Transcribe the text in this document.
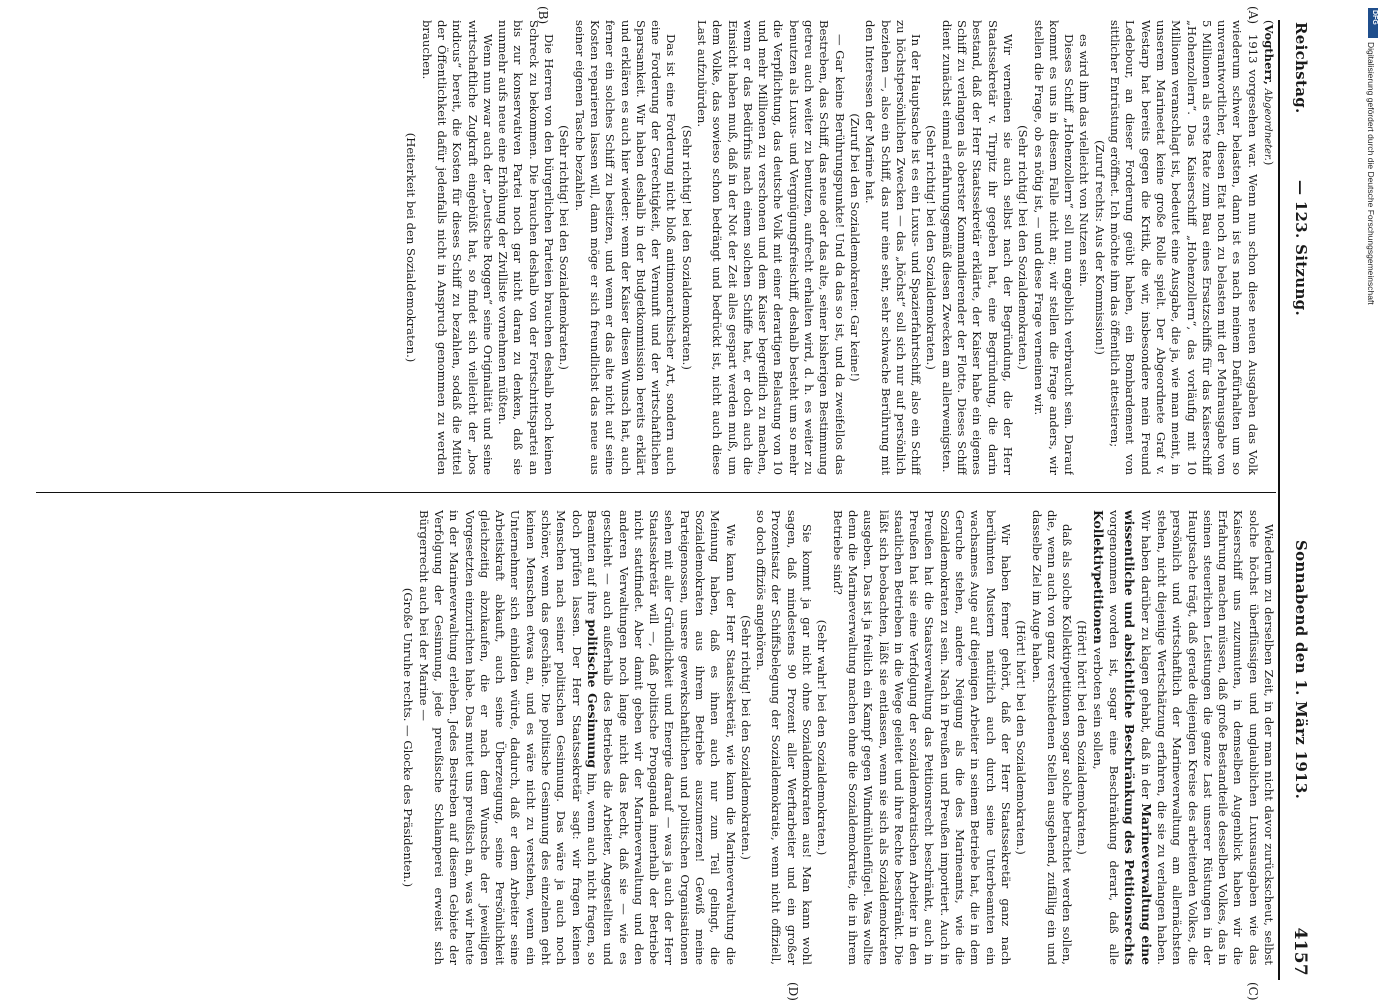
Reichstag.
— 123. Sitzung.
Sonnabend den 1. März 1913.
4157
(A)
(B)
(C)
(D)

(Vogtherr, Abgeordneter.)

1913 vorgesehen war. Wenn nun schon diese neuen Ausgaben das Volk wiederum schwer belasten, dann ist es nach meinem Dafürhalten um so unverantwortlicher, diesen Etat noch zu belasten mit der Mehrausgabe von 5 Millionen als erste Rate zum Bau eines Ersatzschiffs für das Kaiserschiff „Hohenzollern“. Das Kaiserschiff „Hohenzollern“, das vorläufig mit 10 Millionen veranschlagt ist, bedeutet eine Ausgabe, die ja, wie man meint, in unserem Marineetat keine große Rolle spielt. Der Abgeordnete Graf v. Westarp hat bereits gegen die Kritik, die wir, insbesondere mein Freund Ledebour, an dieser Forderung geübt haben, ein Bombardement von sittlicher Entrüstung eröffnet. Ich möchte ihm das öffentlich attestieren;

(Zuruf rechts: Aus der Kommission!)

es wird ihm das vielleicht von Nutzen sein.

Dieses Schiff „Hohenzollern“ soll nun angeblich verbraucht sein. Darauf kommt es uns in diesem Falle nicht an; wir stellen die Frage anders, wir stellen die Frage, ob es nötig ist, — und diese Frage verneinen wir.

(Sehr richtig! bei den Sozialdemokraten.)

Wir verneinen sie auch selbst nach der Begründung, die der Herr Staatssekretär v. Tirpitz ihr gegeben hat, eine Begründung, die darin bestand, daß der Herr Staatssekretär erklärte, der Kaiser habe ein eigenes Schiff zu verlangen als oberster Kommandierender der Flotte. Dieses Schiff dient zunächst einmal erfahrungsgemäß diesen Zwecken am allerwenigsten.

(Sehr richtig! bei den Sozialdemokraten.)

In der Hauptsache ist es ein Luxus- und Spazierfahrtschiff, also ein Schiff zu höchstpersönlichen Zwecken — das „höchst“ soll sich nur auf persönlich beziehen —, also ein Schiff, das nur eine sehr, sehr schwache Berührung mit den Interessen der Marine hat.

(Zuruf bei den Sozialdemokraten: Gar keine!)

— Gar keine Berührungspunkte! Und da das so ist, und da zweifellos das Bestreben, das Schiff, das neue oder das alte, seiner bisherigen Bestimmung getreu auch weiter zu benutzen, aufrecht erhalten wird, d. h. es weiter zu benutzen als Luxus- und Vergnügungsfreischiff, deshalb besteht um so mehr die Verpflichtung, das deutsche Volk mit einer derartigen Belastung von 10 und mehr Millionen zu verschonen und dem Kaiser begreiflich zu machen, wenn er das Bedürfnis nach einem solchen Schiffe hat, er doch auch die Einsicht haben muß, daß in der Not der Zeit alles gespart werden muß, um dem Volke, das sowieso schon bedrängt und bedrückt ist, nicht auch diese Last aufzubürden.

(Sehr richtig! bei den Sozialdemokraten.)

Das ist eine Forderung nicht bloß antimonarchischer Art, sondern auch eine Forderung der Gerechtigkeit, der Vernunft und der wirtschaftlichen Sparsamkeit. Wir haben deshalb in der Budgetkommission bereits erklärt und erklären es auch hier wieder: wenn der Kaiser diesen Wunsch hat, auch ferner ein solches Schiff zu besitzen, und wenn er das alte nicht auf seine Kosten reparieren lassen will, dann möge er sich freundlichst das neue aus seiner eigenen Tasche bezahlen.

(Sehr richtig! bei den Sozialdemokraten.)

Die Herren von den bürgerlichen Parteien brauchen deshalb noch keinen Schreck zu bekommen. Die brauchen deshalb von der Fortschrittspartei an bis zur konservativen Partei noch gar nicht daran zu denken, daß sie nunmehr aufs neue eine Erhöhung der Zivilliste vornehmen müßten.

Wenn nun zwar auch der „Deutsche Roggen“ seine Originalität und seine wirtschaftliche Zugkraft eingebüßt hat, so findet sich vielleicht der „bos indicus“ bereit, die Kosten für dieses Schiff zu bezahlen, sodaß die Mittel der Öffentlichkeit dafür jedenfalls nicht in Anspruch genommen zu werden brauchen.

(Heiterkeit bei den Sozialdemokraten.)

Wiederum zu derselben Zeit, in der man nicht davor zurückscheut, selbst solche höchst überflüssigen und unglaublichen Luxusausgaben wie das Kaiserschiff uns zuzumuten, in demselben Augenblick haben wir die Erfahrung machen müssen, daß große Bestandteile desselben Volkes, das in seinen steuerlichen Leistungen die ganze Last unserer Rüstungen in der Hauptsache trägt, daß gerade diejenigen Kreise des arbeitenden Volkes, die persönlich und wirtschaftlich der Marineverwaltung am allernächsten stehen, nicht diejenige Wertschätzung erfahren, die sie zu verlangen haben. Wir haben darüber zu klagen gehabt, daß in der Marineverwaltung eine wissentliche und absichtliche Beschränkung des Petitionsrechts vorgenommen worden ist, sogar eine Beschränkung derart, daß alle Kollektivpetitionen verboten sein sollen,

(Hört! hört! bei den Sozialdemokraten.)

daß als solche Kollektivpetitionen sogar solche betrachtet werden sollen, die, wenn auch von ganz verschiedenen Stellen ausgehend, zufällig ein und dasselbe Ziel im Auge haben.

(Hört! hört! bei den Sozialdemokraten.)

Wir haben ferner gehört, daß der Herr Staatssekretär ganz nach berühmten Mustern natürlich auch durch seine Unterbeamten ein wachsames Auge auf diejenigen Arbeiter in seinem Betriebe hat, die in dem Geruche stehen, andere Neigung als die des Marineamts, wie die Sozialdemokraten zu sein. Nach in Preußen und Preußen importiert. Auch in Preußen hat die Staatsverwaltung das Petitionsrecht beschränkt, auch in Preußen hat sie eine Verfolgung der sozialdemokratischen Arbeiter in den staatlichen Betrieben in die Wege geleitet und ihre Rechte beschränkt. Die läßt sich beobachten, läßt sie entlassen, wenn sie sich als Sozialdemokraten ausgeben. Das ist ja freilich ein Kampf gegen Windmühlenflügel. Was wollte denn die Marineverwaltung machen ohne die Sozialdemokratie, die in ihrem Betriebe sind?

(Sehr wahr! bei den Sozialdemokraten.)

Sie kommt ja gar nicht ohne Sozialdemokraten aus! Man kann wohl sagen, daß mindestens 90 Prozent aller Werftarbeiter und ein großer Prozentsatz der Schiffsbelegung der Sozialdemokratie, wenn nicht offiziell, so doch offiziös angehören.

(Sehr richtig! bei den Sozialdemokraten.)

Wie kann der Herr Staatssekretär, wie kann die Marineverwaltung die Meinung haben, daß es ihnen auch nur zum Teil gelingt, die Sozialdemokraten aus ihrem Betriebe auszumerzen! Gewiß meine Parteigenossen, unsere gewerkschaftlichen und politischen Organisationen sehen mit aller Gründlichkeit und Energie darauf — was ja auch der Herr Staatssekretär will —, daß politische Propaganda innerhalb der Betriebe nicht stattfindet. Aber damit geben wir der Marineverwaltung und den anderen Verwaltungen noch lange nicht das Recht, daß sie — wie es geschieht — auch außerhalb des Betriebes die Arbeiter, Angestellten und Beamten auf ihre politische Gesinnung hin, wenn auch nicht fragen, so doch prüfen lassen. Der Herr Staatssekretär sagt: wir fragen keinen Menschen nach seiner politischen Gesinnung. Das wäre ja auch noch schöner, wenn das geschähe. Die politische Gesinnung des einzelnen geht keinen Menschen etwas an, und es wäre nicht zu verstehen, wenn ein Unternehmer sich einbilden würde, dadurch, daß er dem Arbeiter seine Arbeitskraft abkauft, auch seine Überzeugung, seine Persönlichkeit gleichzeitig abzukaufen, die er nach dem Wunsche der jeweiligen Vorgesetzten einzurichten habe. Das mutet uns preußisch an, was wir heute in der Marineverwaltung erleben. Jedes Bestreben auf diesem Gebiete der Verfolgung der Gesinnung, jede preußische Schlamperei erweist sich Bürgerrecht auch bei der Marine —

(Große Unruhe rechts. — Glocke des Präsidenten.)

DFG
Digitalisierung gefördert durch die Deutsche Forschungsgemeinschaft
